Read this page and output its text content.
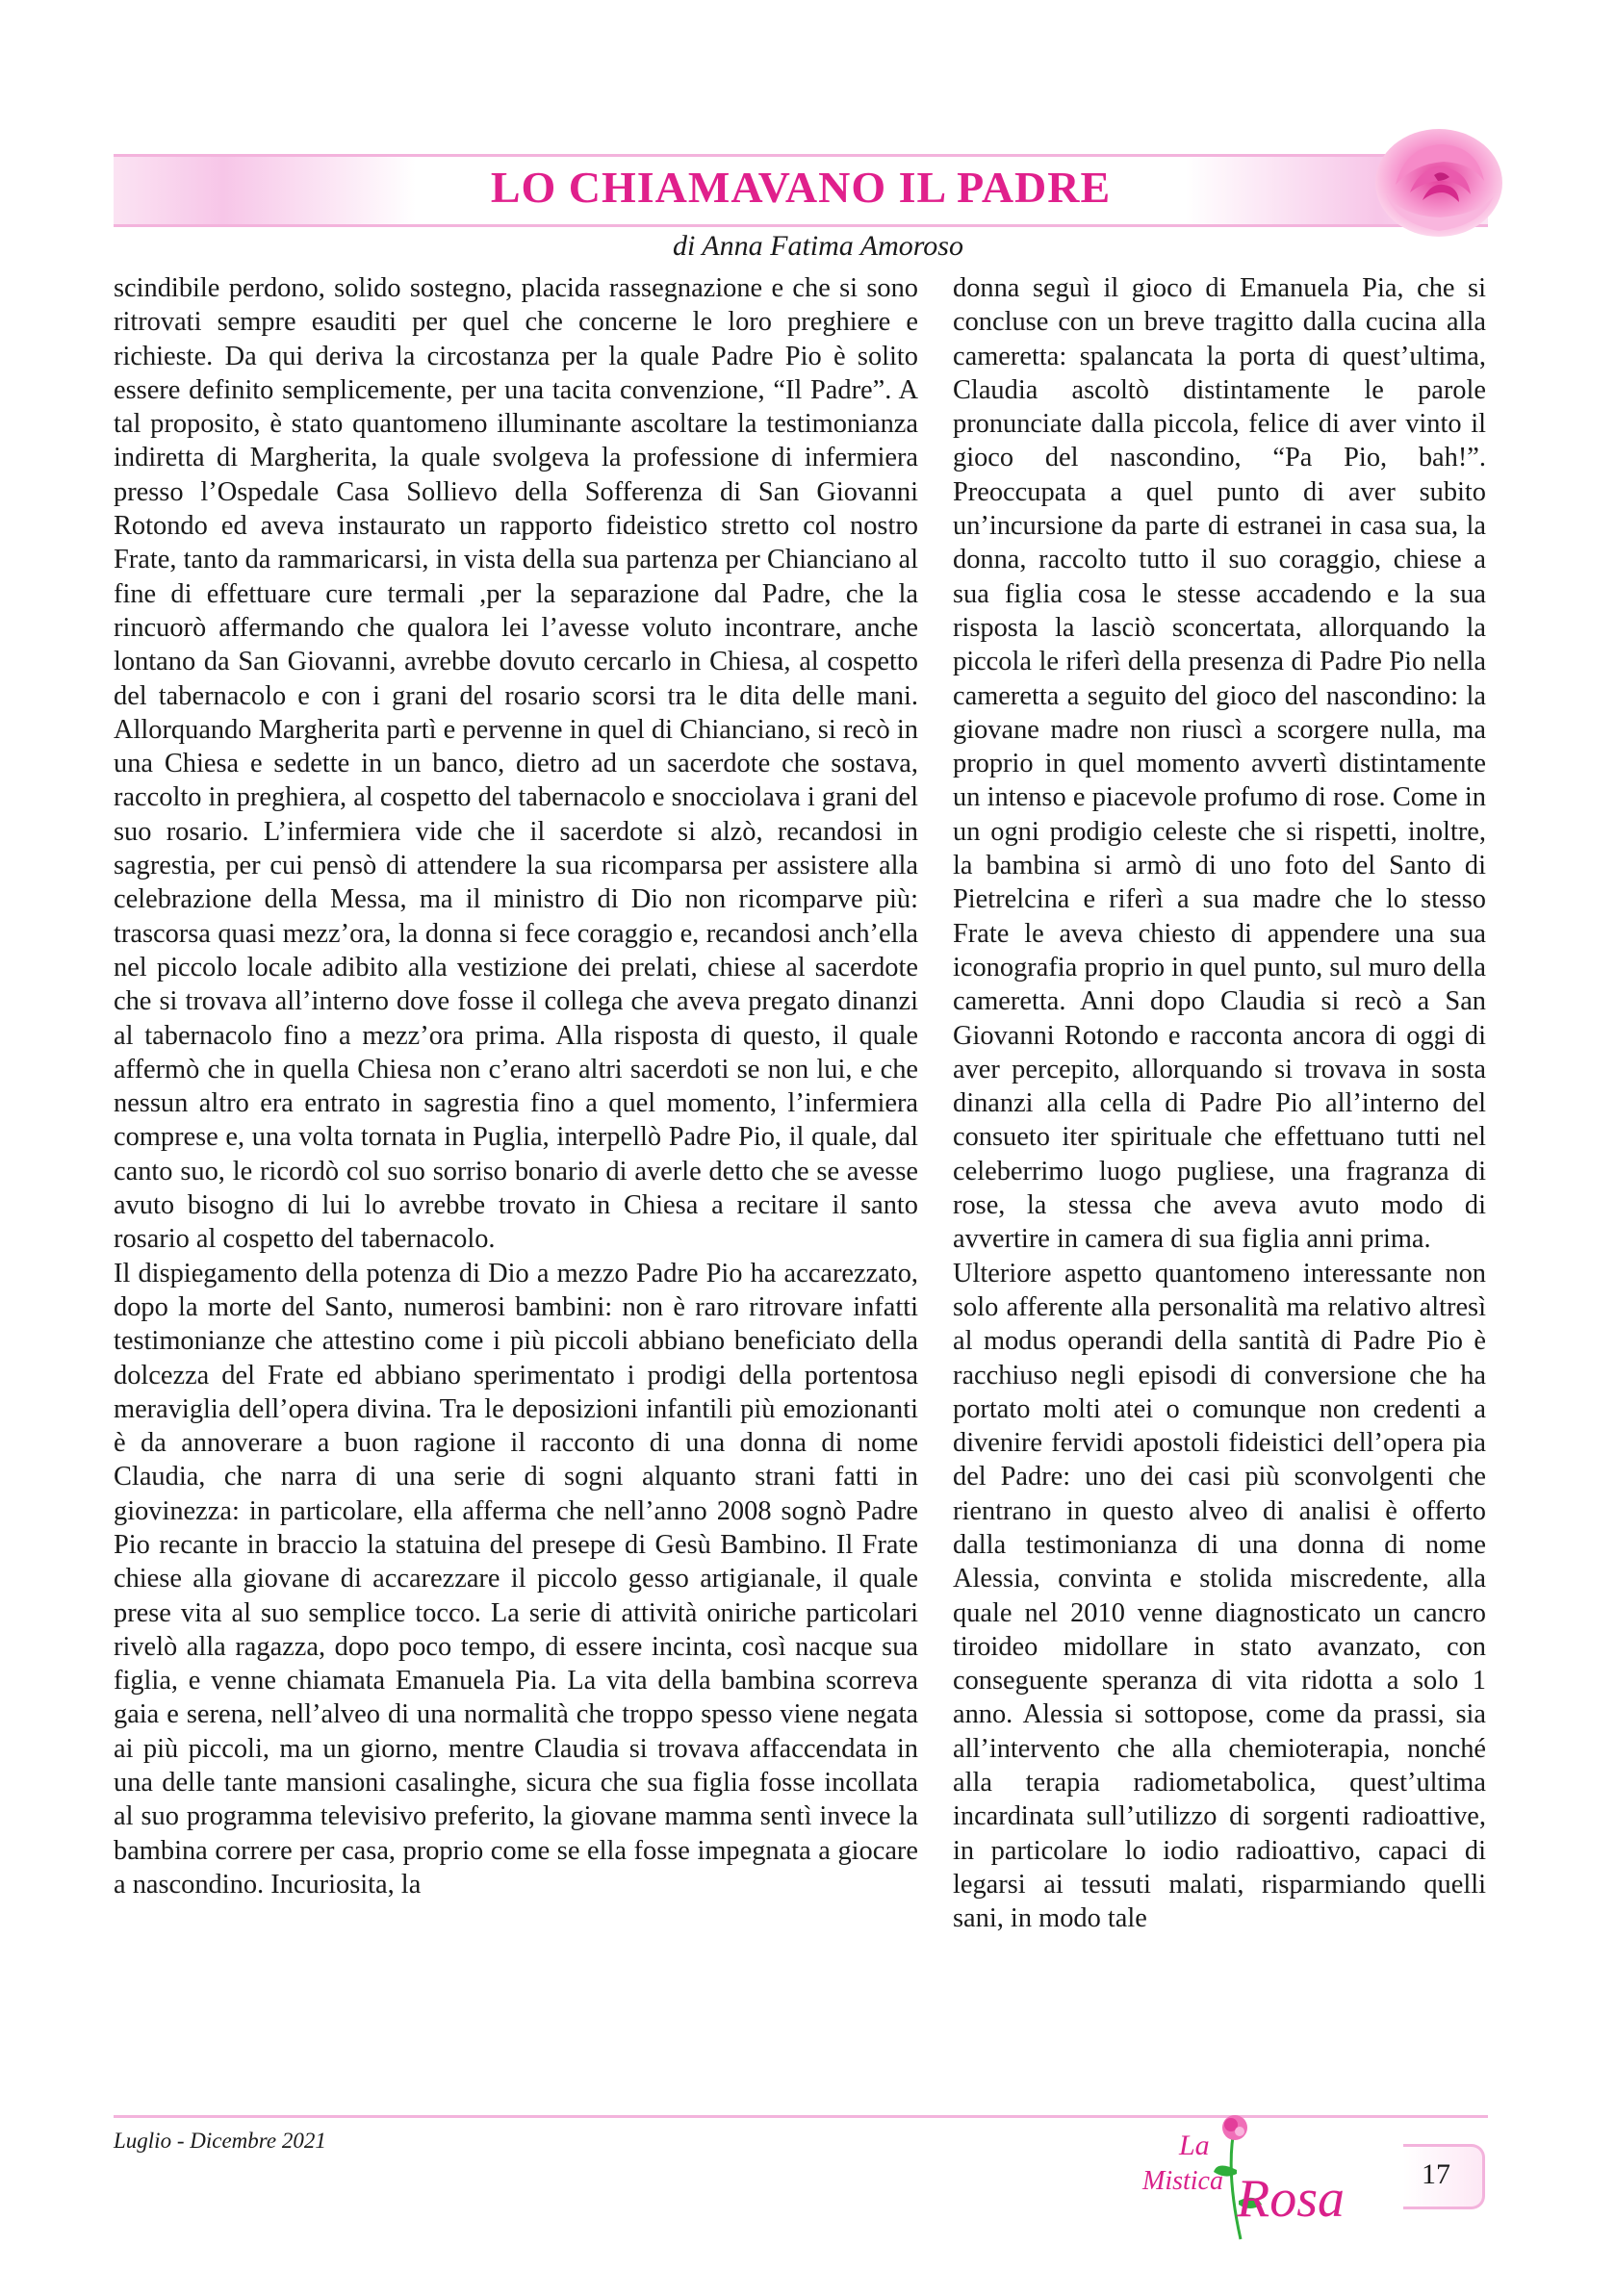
LO CHIAMAVANO IL PADRE
di Anna Fatima Amoroso

scindibile perdono, solido sostegno, placida rassegnazione e che si sono ritrovati sempre esauditi per quel che concerne le loro preghiere e richieste. Da qui deriva la circostanza per la quale Padre Pio è solito essere definito semplicemente, per una tacita convenzione, “Il Padre”. A tal proposito, è stato quantomeno illuminante ascoltare la testimonianza indiretta di Margherita, la quale svolgeva la professione di infermiera presso l’Ospedale Casa Sollievo della Sofferenza di San Giovanni Rotondo ed aveva instaurato un rapporto fideistico stretto col nostro Frate, tanto da rammaricarsi, in vista della sua partenza per Chianciano al fine di effettuare cure termali ,per la separazione dal Padre, che la rincuorò affermando che qualora lei l’avesse voluto incontrare, anche lontano da San Giovanni, avrebbe dovuto cercarlo in Chiesa, al cospetto del tabernacolo e con i grani del rosario scorsi tra le dita delle mani. Allorquando Margherita partì e pervenne in quel di Chianciano, si recò in una Chiesa e sedette in un banco, dietro ad un sacerdote che sostava, raccolto in preghiera, al cospetto del tabernacolo e snocciolava i grani del suo rosario. L’infermiera vide che il sacerdote si alzò, recandosi in sagrestia, per cui pensò di attendere la sua ricomparsa per assistere alla celebrazione della Messa, ma il ministro di Dio non ricomparve più: trascorsa quasi mezz’ora, la donna si fece coraggio e, recandosi anch’ella nel piccolo locale adibito alla vestizione dei prelati, chiese al sacerdote che si trovava all’interno dove fosse il collega che aveva pregato dinanzi al tabernacolo fino a mezz’ora prima. Alla risposta di questo, il quale affermò che in quella Chiesa non c’erano altri sacerdoti se non lui, e che nessun altro era entrato in sagrestia fino a quel momento, l’infermiera comprese e, una volta tornata in Puglia, interpellò Padre Pio, il quale, dal canto suo, le ricordò col suo sorriso bonario di averle detto che se avesse avuto bisogno di lui lo avrebbe trovato in Chiesa a recitare il santo rosario al cospetto del tabernacolo.

Il dispiegamento della potenza di Dio a mezzo Padre Pio ha accarezzato, dopo la morte del Santo, numerosi bambini: non è raro ritrovare infatti testimonianze che attestino come i più piccoli abbiano beneficiato della dolcezza del Frate ed abbiano sperimentato i prodigi della portentosa meraviglia dell’opera divina. Tra le deposizioni infantili più emozionanti è da annoverare a buon ragione il racconto di una donna di nome Claudia, che narra di una serie di sogni alquanto strani fatti in giovinezza: in particolare, ella afferma che nell’anno 2008 sognò Padre Pio recante in braccio la statuina del presepe di Gesù Bambino. Il Frate chiese alla giovane di accarezzare il piccolo gesso artigianale, il quale prese vita al suo semplice tocco. La serie di attività oniriche particolari rivelò alla ragazza, dopo poco tempo, di essere incinta, così nacque sua figlia, e venne chiamata Emanuela Pia. La vita della bambina scorreva gaia e serena, nell’alveo di una normalità che troppo spesso viene negata ai più piccoli, ma un giorno, mentre Claudia si trovava affaccendata in una delle tante mansioni casalinghe, sicura che sua figlia fosse incollata al suo programma televisivo preferito, la giovane mamma sentì invece la bambina correre per casa, proprio come se ella fosse impegnata a giocare a nascondino. Incuriosita, la

donna seguì il gioco di Emanuela Pia, che si concluse con un breve tragitto dalla cucina alla cameretta: spalancata la porta di quest’ultima, Claudia ascoltò distintamente le parole pronunciate dalla piccola, felice di aver vinto il gioco del nascondino, “Pa Pio, bah!”. Preoccupata a quel punto di aver subito un’incursione da parte di estranei in casa sua, la donna, raccolto tutto il suo coraggio, chiese a sua figlia cosa le stesse accadendo e la sua risposta la lasciò sconcertata, allorquando la piccola le riferì della presenza di Padre Pio nella cameretta a seguito del gioco del nascondino: la giovane madre non riuscì a scorgere nulla, ma proprio in quel momento avvertì distintamente un intenso e piacevole profumo di rose. Come in un ogni prodigio celeste che si rispetti, inoltre, la bambina si armò di uno foto del Santo di Pietrelcina e riferì a sua madre che lo stesso Frate le aveva chiesto di appendere una sua iconografia proprio in quel punto, sul muro della cameretta. Anni dopo Claudia si recò a San Giovanni Rotondo e racconta ancora di oggi di aver percepito, allorquando si trovava in sosta dinanzi alla cella di Padre Pio all’interno del consueto iter spirituale che effettuano tutti nel celeberrimo luogo pugliese, una fragranza di rose, la stessa che aveva avuto modo di avvertire in camera di sua figlia anni prima.

Ulteriore aspetto quantomeno interessante non solo afferente alla personalità ma relativo altresì al modus operandi della santità di Padre Pio è racchiuso negli episodi di conversione che ha portato molti atei o comunque non credenti a divenire fervidi apostoli fideistici dell’opera pia del Padre: uno dei casi più sconvolgenti che rientrano in questo alveo di analisi è offerto dalla testimonianza di una donna di nome Alessia, convinta e stolida miscredente, alla quale nel 2010 venne diagnosticato un cancro tiroideo midollare in stato avanzato, con conseguente speranza di vita ridotta a solo 1 anno. Alessia si sottopose, come da prassi, sia all’intervento che alla chemioterapia, nonché alla terapia radiometabolica, quest’ultima incardinata sull’utilizzo di sorgenti radioattive, in particolare lo iodio radioattivo, capaci di legarsi ai tessuti malati, risparmiando quelli sani, in modo tale

Luglio - Dicembre 2021	La
Mistica Rosa	17
